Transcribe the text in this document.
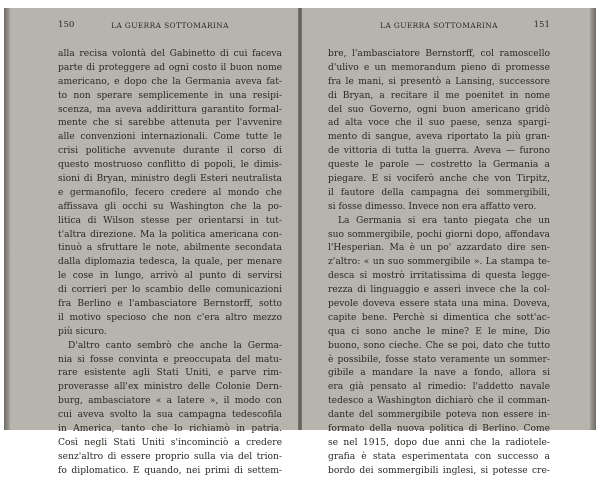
150	LA GUERRA SOTTOMARINA
alla recisa volontà del Gabinetto di cui faceva
parte di proteggere ad ogni costo il buon nome
americano, e dopo che la Germania aveva fat-
to non sperare semplicemente in una resipi-
scenza, ma aveva addirittura garantito formal-
mente che si sarebbe attenuta per l'avvenire
alle convenzioni internazionali. Come tutte le
crisi politiche avvenute durante il corso di
questo mostruoso conflitto di popoli, le dimis-
sioni di Bryan, ministro degli Esteri neutralista
e germanofilo, fecero credere al mondo che
affissava gli occhi su Washington che la po-
litica di Wilson stesse per orientarsi in tut-
t'altra direzione. Ma la politica americana con-
tinuò a sfruttare le note, abilmente secondata
dalla diplomazia tedesca, la quale, per menare
le cose in lungo, arrivò al punto di servirsi
di corrieri per lo scambio delle comunicazioni
fra Berlino e l'ambasciatore Bernstorff, sotto
il motivo specioso che non c'era altro mezzo
più sicuro.
D'altro canto sembrò che anche la Germa-
nia si fosse convinta e preoccupata del matu-
rare esistente agli Stati Uniti, e parve rim-
proverasse all'ex ministro delle Colonie Dern-
burg, ambasciatore « a latere », il modo con
cui aveva svolto la sua campagna tedescofila
in America, tanto che lo richiamò in patria.
Così negli Stati Uniti s'incominciò a credere
senz'altro di essere proprio sulla via del trion-
fo diplomatico. E quando, nei primi di settem-
LA GUERRA SOTTOMARINA	151
bre, l'ambasciatore Bernstorff, col ramoscello
d'ulivo e un memorandum pieno di promesse
fra le mani, si presentò a Lansing, successore
di Bryan, a recitare il me poenitet in nome
del suo Governo, ogni buon americano gridò
ad alta voce che il suo paese, senza spargi-
mento di sangue, aveva riportato la più gran-
de vittoria di tutta la guerra. Aveva — furono
queste le parole — costretto la Germania a
piegare. E si vociferò anche che von Tirpitz,
il fautore della campagna dei sommergibili,
si fosse dimesso. Invece non era affatto vero.
La Germania si era tanto piegata che un
suo sommergibile, pochi giorni dopo, affondava
l'Hesperian. Ma è un po' azzardato dire sen-
z'altro: « un suo sommergibile ». La stampa te-
desca si mostrò irritatissima di questa legge-
rezza di linguaggio e asserì invece che la col-
pevole doveva essere stata una mina. Doveva,
capite bene. Perchè si dimentica che sott'ac-
qua ci sono anche le mine? E le mine, Dio
buono, sono cieche. Che se poi, dato che tutto
è possibile, fosse stato veramente un sommer-
gibile a mandare la nave a fondo, allora si
era già pensato al rimedio: l'addetto navale
tedesco a Washington dichiarò che il comman-
dante del sommergibile poteva non essere in-
formato della nuova politica di Berlino. Come
se nel 1915, dopo due anni che la radiotele-
grafia è stata esperimentata con successo a
bordo dei sommergibili inglesi, si potesse cre-
